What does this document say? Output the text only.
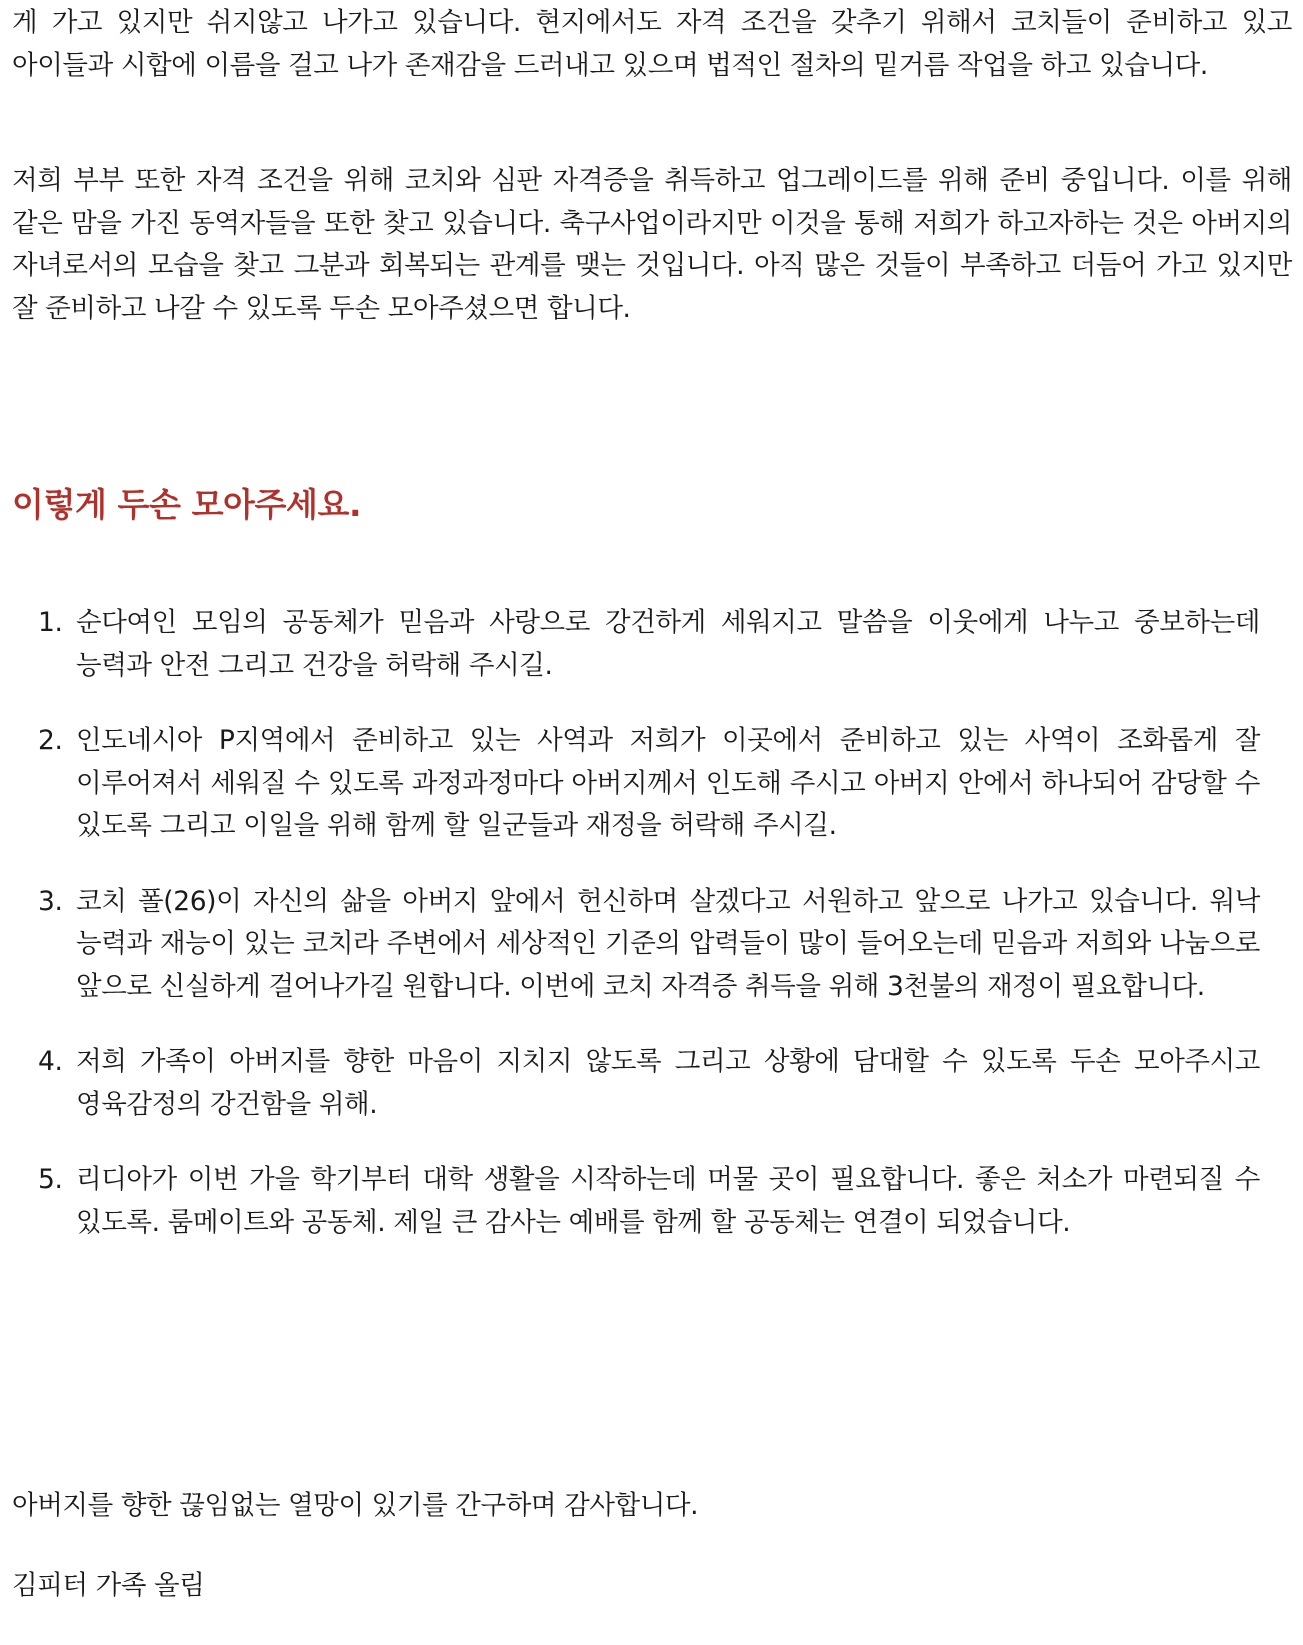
게 가고 있지만 쉬지않고 나가고 있습니다. 현지에서도 자격 조건을 갖추기 위해서 코치들이 준비하고 있고 아이들과 시합에 이름을 걸고 나가 존재감을 드러내고 있으며 법적인 절차의 밑거름 작업을 하고 있습니다.

저희 부부 또한 자격 조건을 위해 코치와 심판 자격증을 취득하고 업그레이드를 위해 준비 중입니다. 이를 위해 같은 맘을 가진 동역자들을 또한 찾고 있습니다. 축구사업이라지만 이것을 통해 저희가 하고자하는 것은 아버지의 자녀로서의 모습을 찾고 그분과 회복되는 관계를 맺는 것입니다. 아직 많은 것들이 부족하고 더듬어 가고 있지만 잘 준비하고 나갈 수 있도록 두손 모아주셨으면 합니다.

이렇게 두손 모아주세요.
1. 순다여인 모임의 공동체가 믿음과 사랑으로 강건하게 세워지고 말씀을 이웃에게 나누고 중보하는데 능력과 안전 그리고 건강을 허락해 주시길.
2. 인도네시아 P지역에서 준비하고 있는 사역과 저희가 이곳에서 준비하고 있는 사역이 조화롭게 잘 이루어져서 세워질 수 있도록 과정과정마다 아버지께서 인도해 주시고 아버지 안에서 하나되어 감당할 수 있도록 그리고 이일을 위해 함께 할 일군들과 재정을 허락해 주시길.
3. 코치 폴(26)이 자신의 삶을 아버지 앞에서 헌신하며 살겠다고 서원하고 앞으로 나가고 있습니다. 워낙 능력과 재능이 있는 코치라 주변에서 세상적인 기준의 압력들이 많이 들어오는데 믿음과 저희와 나눔으로 앞으로 신실하게 걸어나가길 원합니다. 이번에 코치 자격증 취득을 위해 3천불의 재정이 필요합니다.
4. 저희 가족이 아버지를 향한 마음이 지치지 않도록 그리고 상황에 담대할 수 있도록 두손 모아주시고 영육감정의 강건함을 위해.
5. 리디아가 이번 가을 학기부터 대학 생활을 시작하는데 머물 곳이 필요합니다. 좋은 처소가 마련되질 수 있도록. 룸메이트와 공동체. 제일 큰 감사는 예배를 함께 할 공동체는 연결이 되었습니다.

아버지를 향한 끊임없는 열망이 있기를 간구하며 감사합니다.

김피터 가족 올림
